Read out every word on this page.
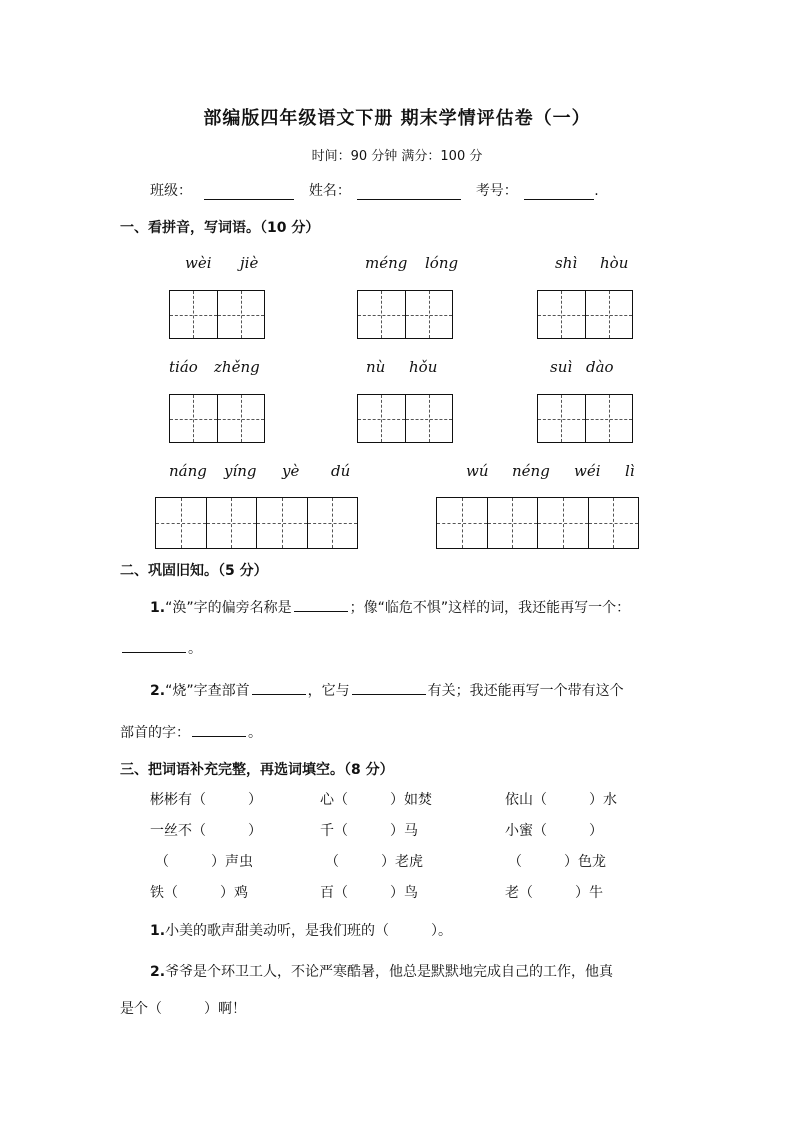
部编版四年级语文下册 期末学情评估卷（一）
时间：90 分钟 满分：100 分
班级：	姓名：	考号：	.
一、看拼音，写词语。（10 分）
wèi jiè	méng lóng	shì hòu
tiáo zhěng	nù hǒu	suì dào
náng yíng yè dú	wú néng wéi lì
二、巩固旧知。（5 分）
1.“涣”字的偏旁名称是	；像“临危不惧”这样的词，我还能再写一个：
。
2.“烧”字查部首	，它与	有关；我还能再写一个带有这个
部首的字：	。
三、把词语补充完整，再选词填空。（8 分）
彬彬有（　　　）	心（　　　）如焚	依山（　　　）水
一丝不（　　　）	千（　　　）马	小蜜（　　　）
（　　　）声虫	（　　　）老虎	（　　　）色龙
铁（　　　）鸡	百（　　　）鸟	老（　　　）牛
1.小美的歌声甜美动听，是我们班的（　　　）。
2.爷爷是个环卫工人，不论严寒酷暑，他总是默默地完成自己的工作，他真
是个（　　　）啊！
